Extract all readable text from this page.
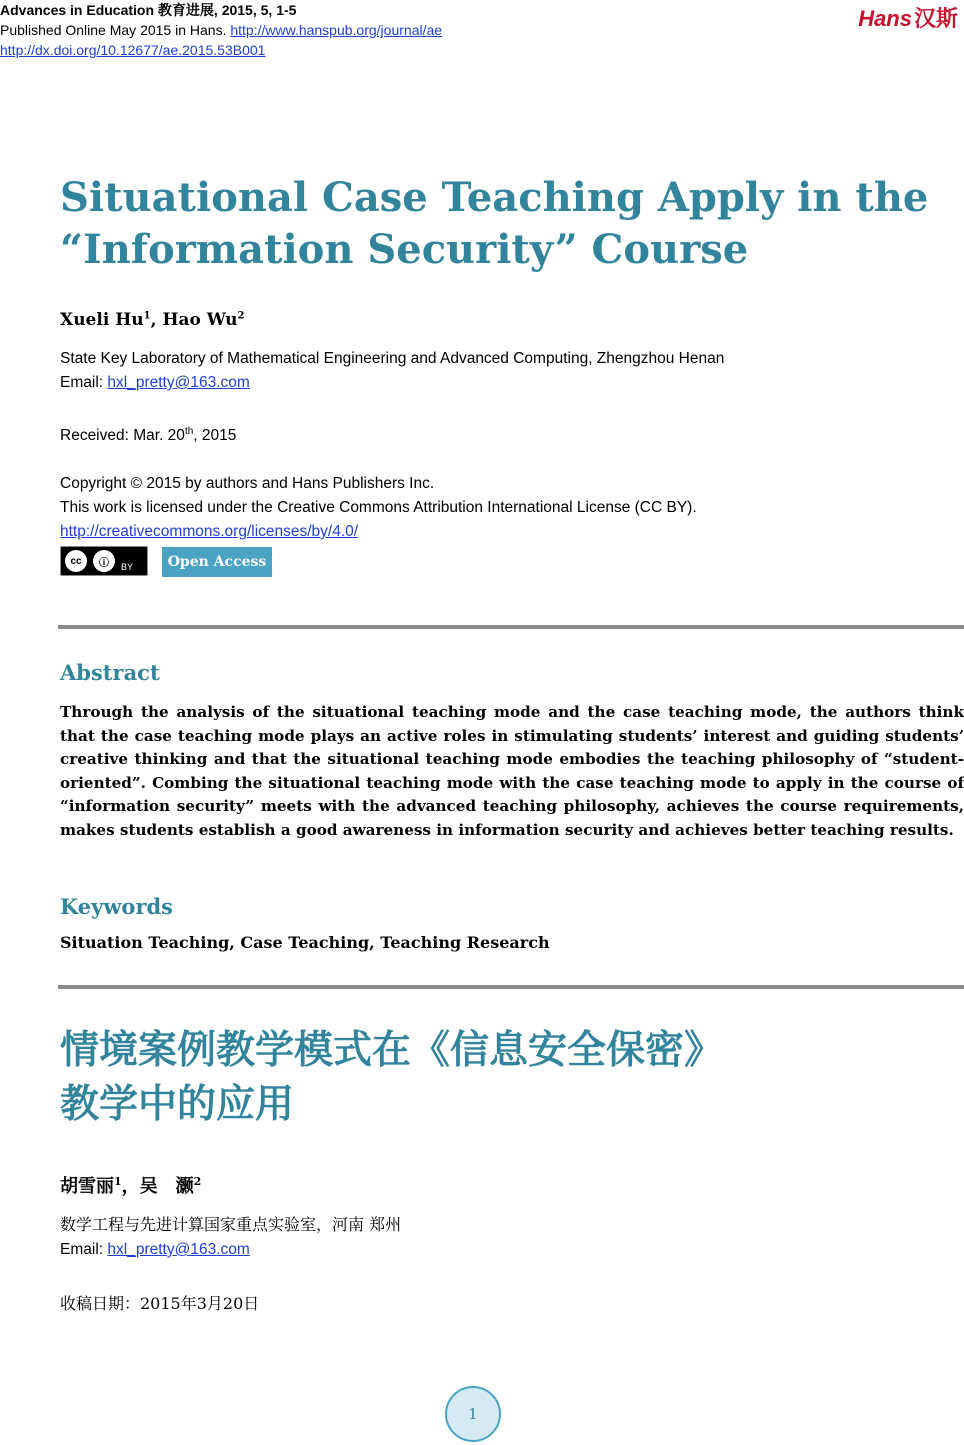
Advances in Education 教育进展, 2015, 5, 1-5
Published Online May 2015 in Hans. http://www.hanspub.org/journal/ae
http://dx.doi.org/10.12677/ae.2015.53B001
Hans汉斯
Situational Case Teaching Apply in the
“Information Security” Course
Xueli Hu$^1$, Hao Wu$^2$
State Key Laboratory of Mathematical Engineering and Advanced Computing, Zhengzhou Henan
Email: hxl_pretty@163.com
Received: Mar. 20th, 2015
Copyright © 2015 by authors and Hans Publishers Inc.
This work is licensed under the Creative Commons Attribution International License (CC BY).
http://creativecommons.org/licenses/by/4.0/
cc	ⓘ	BY	Open Access
Abstract
Through the analysis of the situational teaching mode and the case teaching mode, the authors think that the case teaching mode plays an active roles in stimulating students’ interest and guiding students’ creative thinking and that the situational teaching mode embodies the teaching philosophy of “student-oriented”. Combing the situational teaching mode with the case teaching mode to apply in the course of “information security” meets with the advanced teaching philosophy, achieves the course requirements, makes students establish a good awareness in information security and achieves better teaching results.
Keywords
Situation Teaching, Case Teaching, Teaching Research
情境案例教学模式在《信息安全保密》
教学中的应用
胡雪丽$^1$，吴　灏$^2$
数学工程与先进计算国家重点实验室，河南 郑州
Email: hxl_pretty@163.com
收稿日期：2015年3月20日
1
